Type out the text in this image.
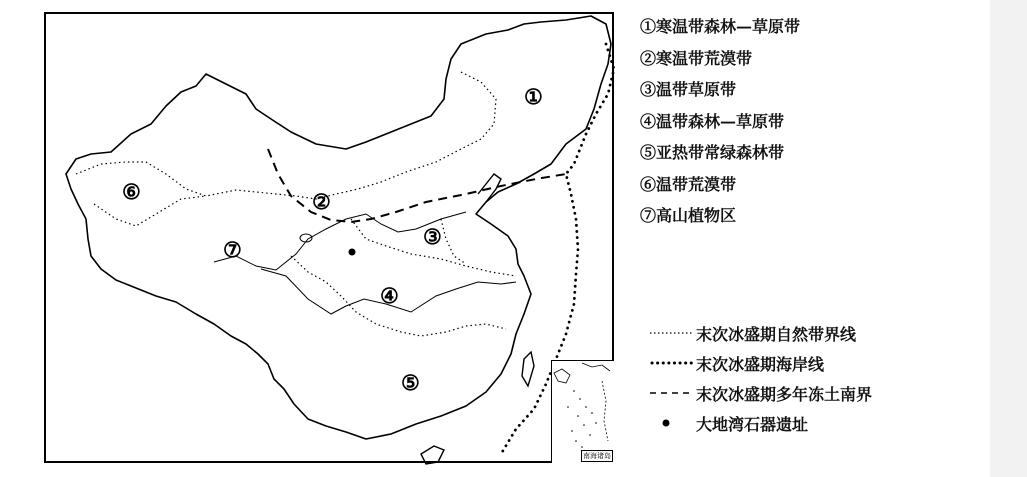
①
②
③
④
⑤
⑥
⑦
南海诸岛
①寒温带森林—草原带
②寒温带荒漠带
③温带草原带
④温带森林—草原带
⑤亚热带常绿森林带
⑥温带荒漠带
⑦高山植物区
末次冰盛期自然带界线
末次冰盛期海岸线
末次冰盛期多年冻土南界
大地湾石器遗址
